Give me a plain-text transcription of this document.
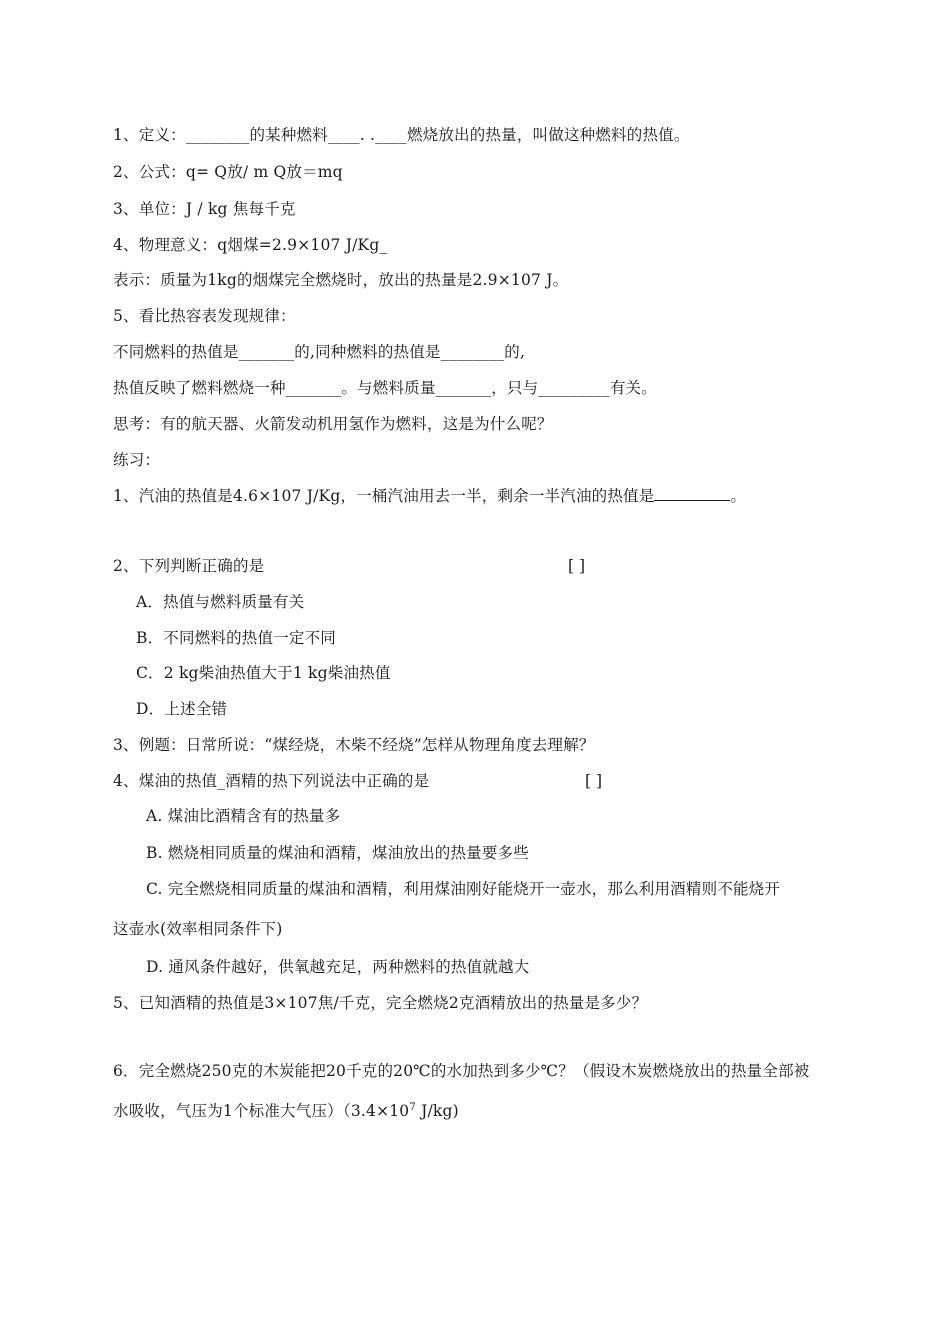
1、定义：________的某种燃料____. .____燃烧放出的热量，叫做这种燃料的热值。
2、公式：q= Q放/ m Q放＝mq
3、单位：J / kg 焦每千克
4、物理意义：q烟煤=2.9×107 J/Kg_
表示：质量为1kg的烟煤完全燃烧时，放出的热量是2.9×107 J。
5、看比热容表发现规律：
不同燃料的热值是_______的,同种燃料的热值是________的,
热值反映了燃料燃烧一种_______。与燃料质量_______，只与_________有关。
思考：有的航天器、火箭发动机用氢作为燃料，这是为什么呢？
练习：
1、汽油的热值是4.6×107 J/Kg，一桶汽油用去一半，剩余一半汽油的热值是	。
2、下列判断正确的是	[ ]
A．热值与燃料质量有关
B．不同燃料的热值一定不同
C．2 kg柴油热值大于1 kg柴油热值
D．上述全错
3、例题：日常所说：“煤经烧，木柴不经烧”怎样从物理角度去理解？
4、煤油的热值_酒精的热下列说法中正确的是	[ ]
A. 煤油比酒精含有的热量多
B. 燃烧相同质量的煤油和酒精，煤油放出的热量要多些
C. 完全燃烧相同质量的煤油和酒精，利用煤油刚好能烧开一壶水，那么利用酒精则不能烧开
这壶水(效率相同条件下)
D. 通风条件越好，供氧越充足，两种燃料的热值就越大
5、已知酒精的热值是3×107焦/千克，完全燃烧2克酒精放出的热量是多少？
6．完全燃烧250克的木炭能把20千克的20℃的水加热到多少℃？（假设木炭燃烧放出的热量全部被
水吸收，气压为1个标准大气压）（$3.4\times 10^7$ J/kg)
